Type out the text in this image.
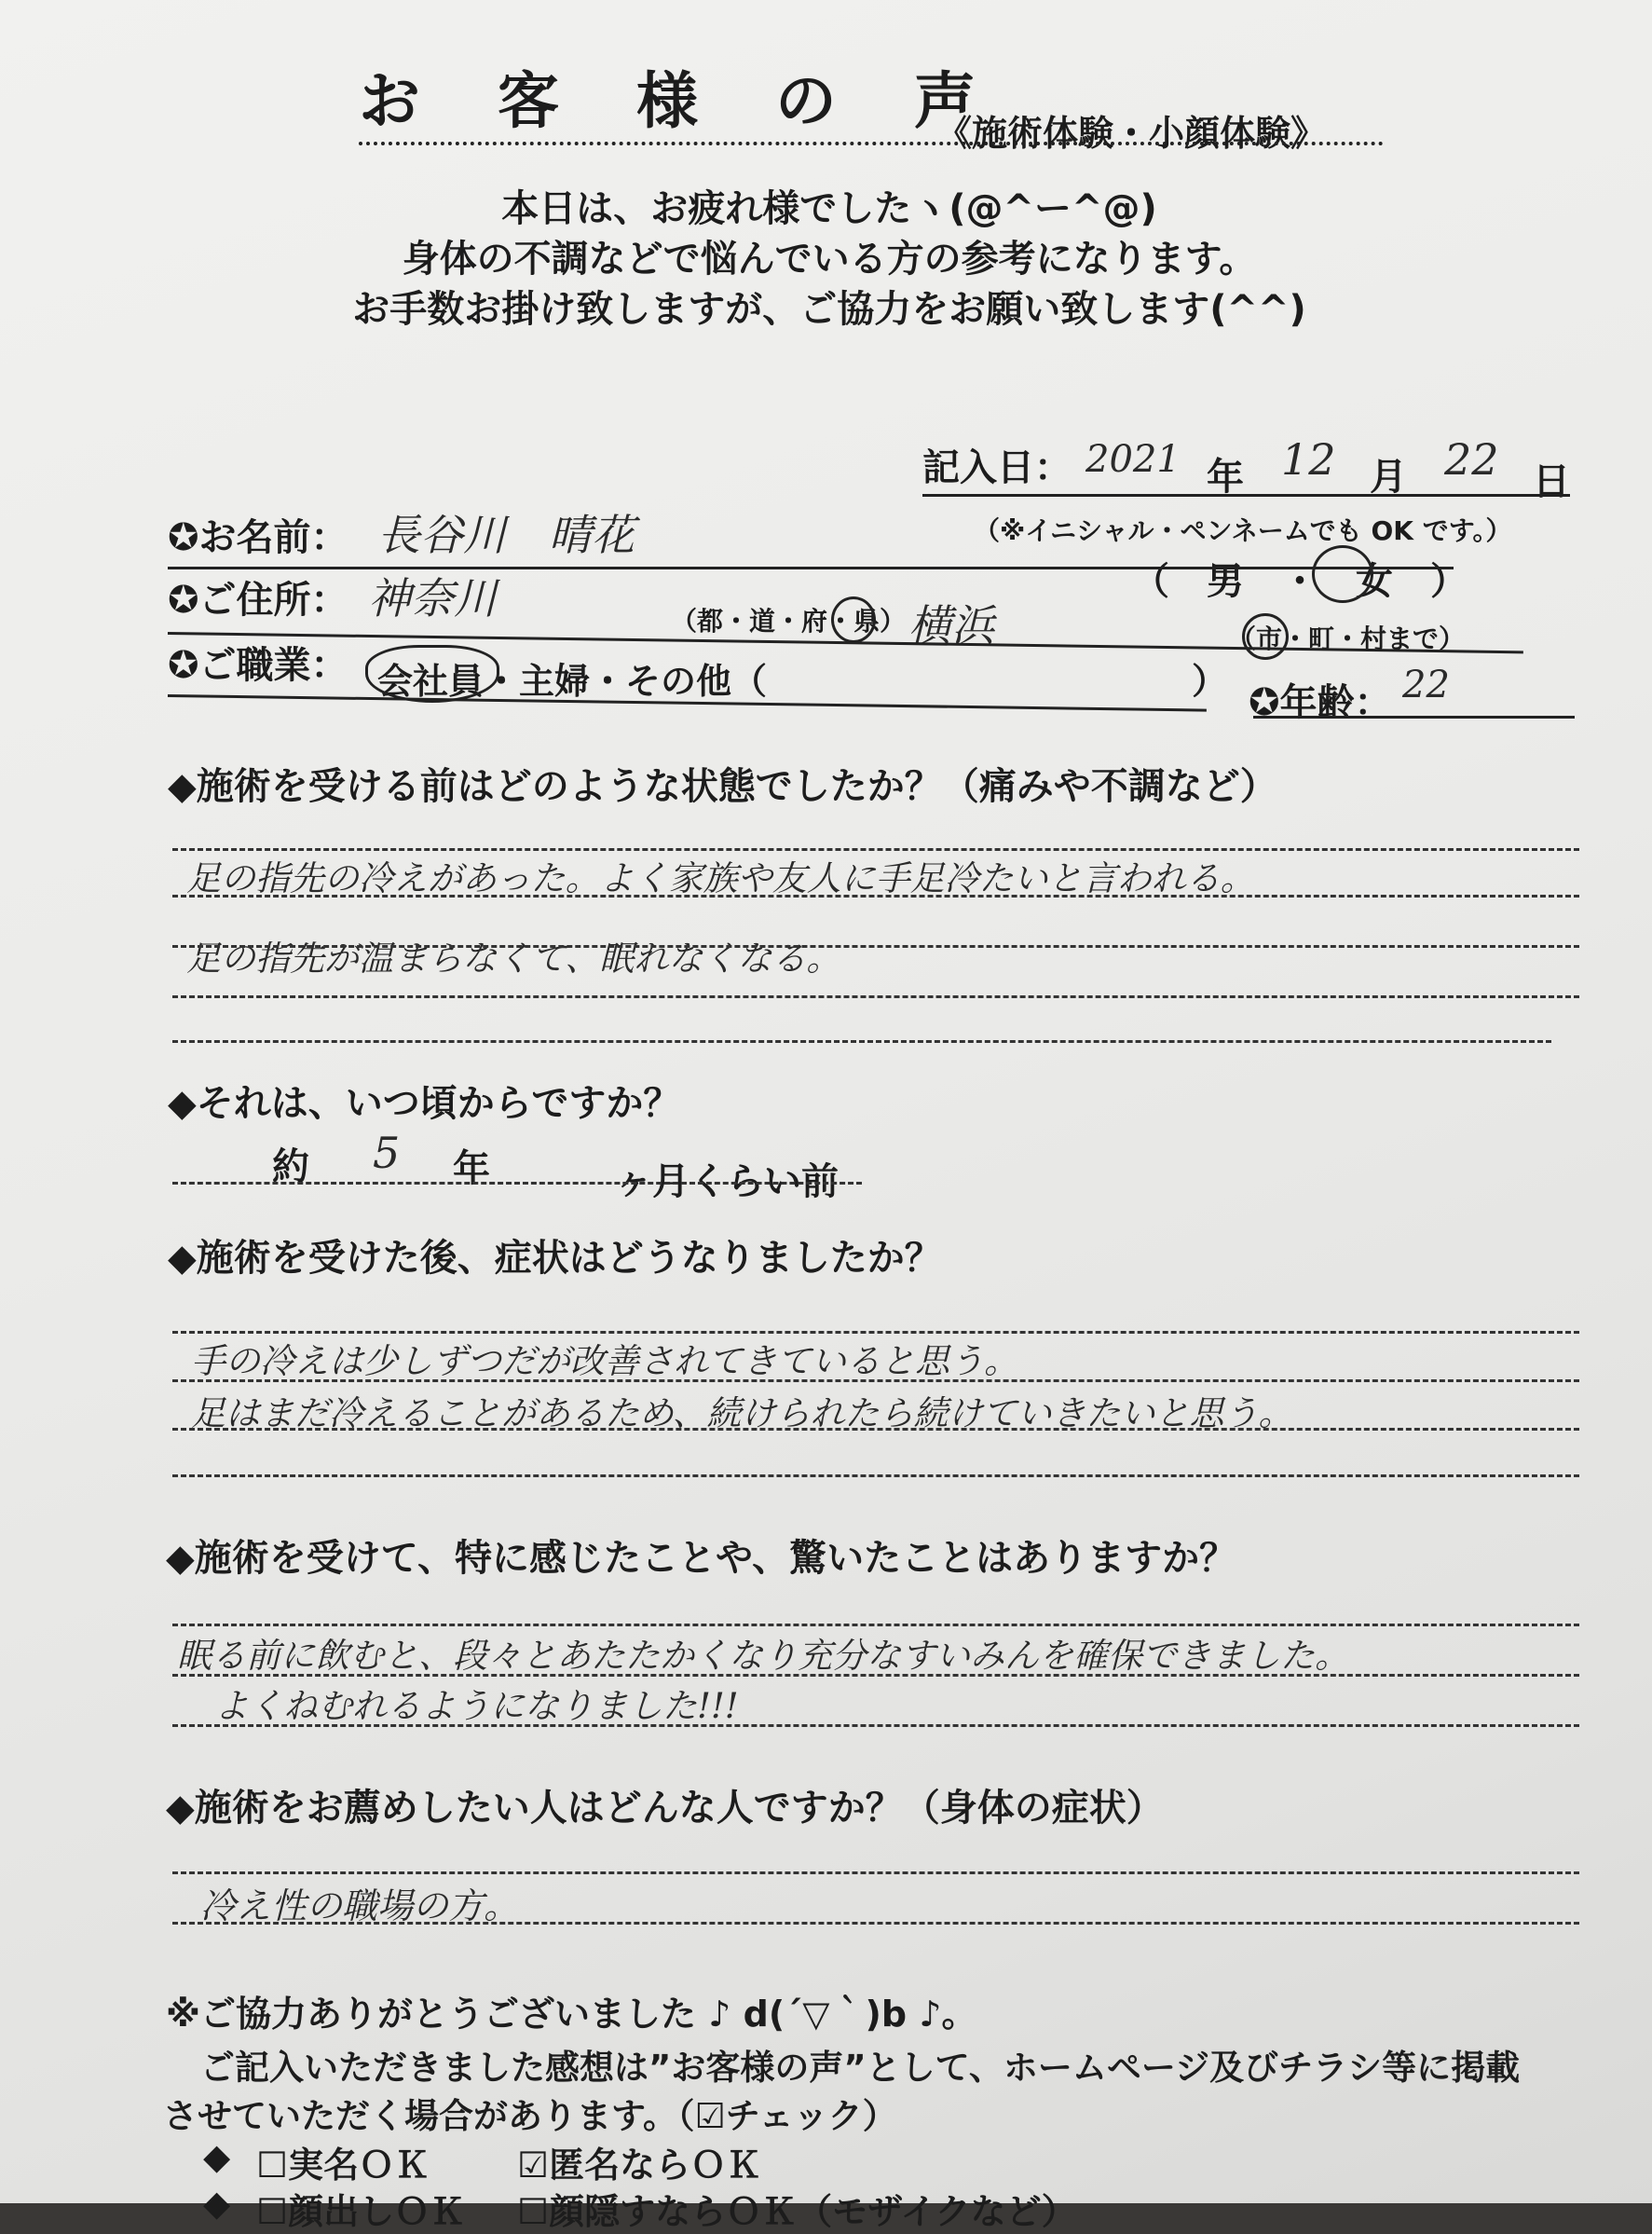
お 客 様 の 声
《施術体験・小顔体験》
本日は、お疲れ様でしたヽ(@^ー^@)
身体の不調などで悩んでいる方の参考になります。
お手数お掛け致しますが、ご協力をお願い致します(^^)
記入日： 2021 年 12 月 22 日
✪お名前： 長谷川　晴花	（※イニシャル・ペンネームでも OK です。）
（　男　・　女　）
✪ご住所： 神奈川	（都・道・府・県） 横浜	（市・町・村まで）
✪ご職業： 会社員・主婦・その他（　　　　　　　　　　　　） ✪年齢： 22
◆施術を受ける前はどのような状態でしたか？（痛みや不調など）
足の指先の冷えがあった。よく家族や友人に手足冷たいと言われる。
足の指先が温まらなくて、眠れなくなる。
◆それは、いつ頃からですか？
約 5 年	ヶ月くらい前
◆施術を受けた後、症状はどうなりましたか？
手の冷えは少しずつだが改善されてきていると思う。
足はまだ冷えることがあるため、続けられたら続けていきたいと思う。
◆施術を受けて、特に感じたことや、驚いたことはありますか？
眠る前に飲むと、段々とあたたかくなり充分なすいみんを確保できました。
よくねむれるようになりました!!!
◆施術をお薦めしたい人はどんな人ですか？（身体の症状）
冷え性の職場の方。
※ご協力ありがとうございました ♪ d(´▽｀)b ♪。
ご記入いただきました感想は”お客様の声”として、ホームページ及びチラシ等に掲載
させていただく場合があります。（☑チェック）
◆ ☐実名ＯＫ ☑匿名ならＯＫ
◆ ☐顔出しＯＫ ☐顔隠すならＯＫ（モザイクなど）
